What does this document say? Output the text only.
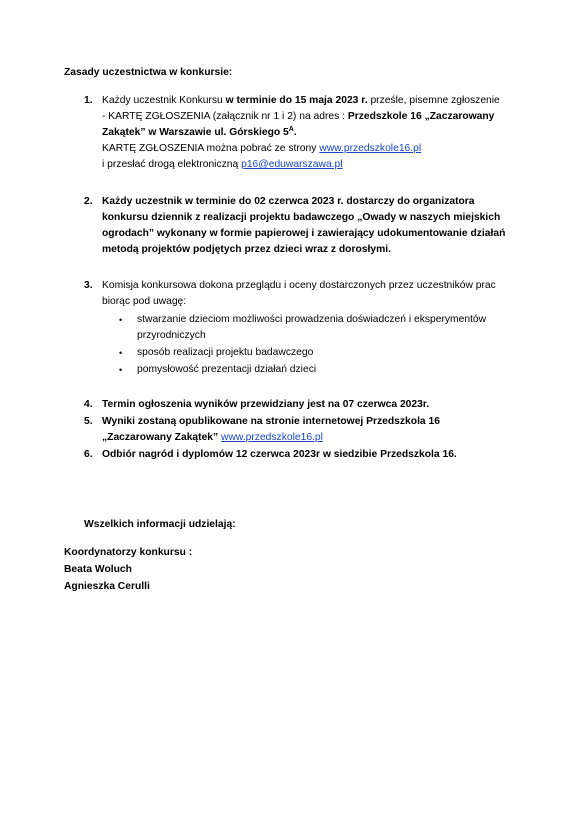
Zasady uczestnictwa w konkursie:
1. Każdy uczestnik Konkursu w terminie do 15 maja 2023 r. prześle, pisemne zgłoszenie
- KARTĘ ZGŁOSZENIA (załącznik nr 1 i 2) na adres : Przedszkole 16 „Zaczarowany
Zakątek” w Warszawie ul. Górskiego $5^A$.
KARTĘ ZGŁOSZENIA można pobrać ze strony www.przedszkole16.pl
i przesłać drogą elektroniczną p16@eduwarszawa.pl
2. Każdy uczestnik w terminie do 02 czerwca 2023 r. dostarczy do organizatora
konkursu dziennik z realizacji projektu badawczego „Owady w naszych miejskich
ogrodach” wykonany w formie papierowej i zawierający udokumentowanie działań
metodą projektów podjętych przez dzieci wraz z dorosłymi.
3. Komisja konkursowa dokona przeglądu i oceny dostarczonych przez uczestników prac
biorąc pod uwagę:
• stwarzanie dzieciom możliwości prowadzenia doświadczeń i eksperymentów
przyrodniczych
• sposób realizacji projektu badawczego
• pomysłowość prezentacji działań dzieci
4. Termin ogłoszenia wyników przewidziany jest na 07 czerwca 2023r.
5. Wyniki zostaną opublikowane na stronie internetowej Przedszkola 16
„Zaczarowany Zakątek” www.przedszkole16.pl
6. Odbiór nagród i dyplomów 12 czerwca 2023r w siedzibie Przedszkola 16.
Wszelkich informacji udzielają:
Koordynatorzy konkursu :
Beata Woluch
Agnieszka Cerulli
